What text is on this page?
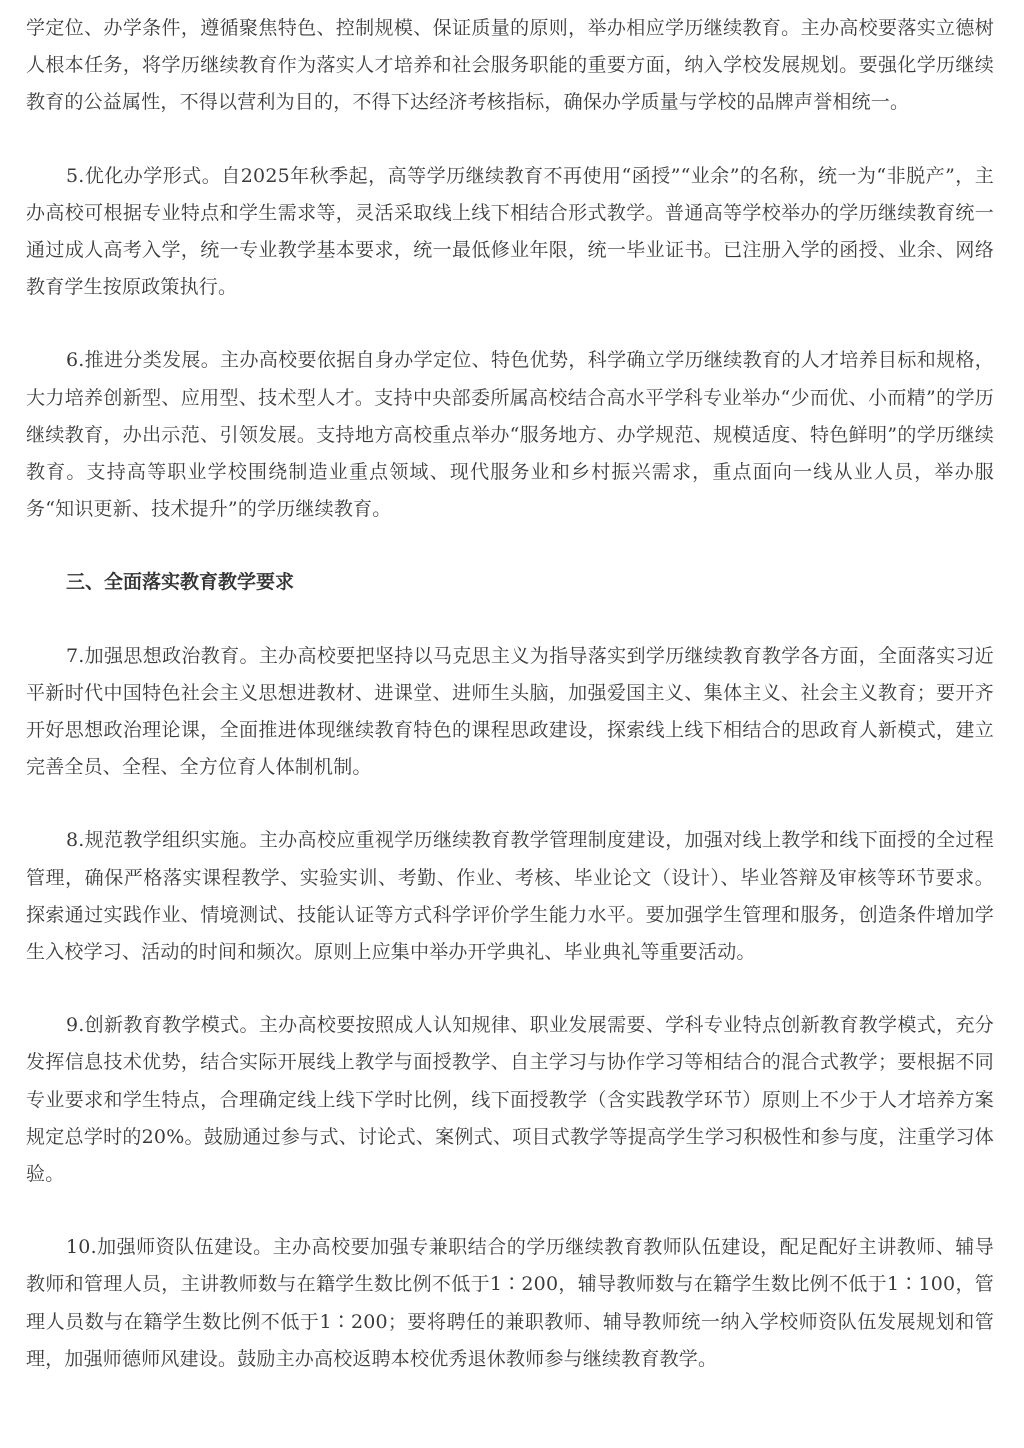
学定位、办学条件，遵循聚焦特色、控制规模、保证质量的原则，举办相应学历继续教育。主办高校要落实立德树人根本任务，将学历继续教育作为落实人才培养和社会服务职能的重要方面，纳入学校发展规划。要强化学历继续教育的公益属性，不得以营利为目的，不得下达经济考核指标，确保办学质量与学校的品牌声誉相统一。

5.优化办学形式。自2025年秋季起，高等学历继续教育不再使用“函授”“业余”的名称，统一为“非脱产”，主办高校可根据专业特点和学生需求等，灵活采取线上线下相结合形式教学。普通高等学校举办的学历继续教育统一通过成人高考入学，统一专业教学基本要求，统一最低修业年限，统一毕业证书。已注册入学的函授、业余、网络教育学生按原政策执行。

6.推进分类发展。主办高校要依据自身办学定位、特色优势，科学确立学历继续教育的人才培养目标和规格，大力培养创新型、应用型、技术型人才。支持中央部委所属高校结合高水平学科专业举办“少而优、小而精”的学历继续教育，办出示范、引领发展。支持地方高校重点举办“服务地方、办学规范、规模适度、特色鲜明”的学历继续教育。支持高等职业学校围绕制造业重点领域、现代服务业和乡村振兴需求，重点面向一线从业人员，举办服务“知识更新、技术提升”的学历继续教育。

三、全面落实教育教学要求

7.加强思想政治教育。主办高校要把坚持以马克思主义为指导落实到学历继续教育教学各方面，全面落实习近平新时代中国特色社会主义思想进教材、进课堂、进师生头脑，加强爱国主义、集体主义、社会主义教育；要开齐开好思想政治理论课，全面推进体现继续教育特色的课程思政建设，探索线上线下相结合的思政育人新模式，建立完善全员、全程、全方位育人体制机制。

8.规范教学组织实施。主办高校应重视学历继续教育教学管理制度建设，加强对线上教学和线下面授的全过程管理，确保严格落实课程教学、实验实训、考勤、作业、考核、毕业论文（设计）、毕业答辩及审核等环节要求。探索通过实践作业、情境测试、技能认证等方式科学评价学生能力水平。要加强学生管理和服务，创造条件增加学生入校学习、活动的时间和频次。原则上应集中举办开学典礼、毕业典礼等重要活动。

9.创新教育教学模式。主办高校要按照成人认知规律、职业发展需要、学科专业特点创新教育教学模式，充分发挥信息技术优势，结合实际开展线上教学与面授教学、自主学习与协作学习等相结合的混合式教学；要根据不同专业要求和学生特点，合理确定线上线下学时比例，线下面授教学（含实践教学环节）原则上不少于人才培养方案规定总学时的20%。鼓励通过参与式、讨论式、案例式、项目式教学等提高学生学习积极性和参与度，注重学习体验。

10.加强师资队伍建设。主办高校要加强专兼职结合的学历继续教育教师队伍建设，配足配好主讲教师、辅导教师和管理人员，主讲教师数与在籍学生数比例不低于1∶200，辅导教师数与在籍学生数比例不低于1∶100，管理人员数与在籍学生数比例不低于1∶200；要将聘任的兼职教师、辅导教师统一纳入学校师资队伍发展规划和管理，加强师德师风建设。鼓励主办高校返聘本校优秀退休教师参与继续教育教学。
